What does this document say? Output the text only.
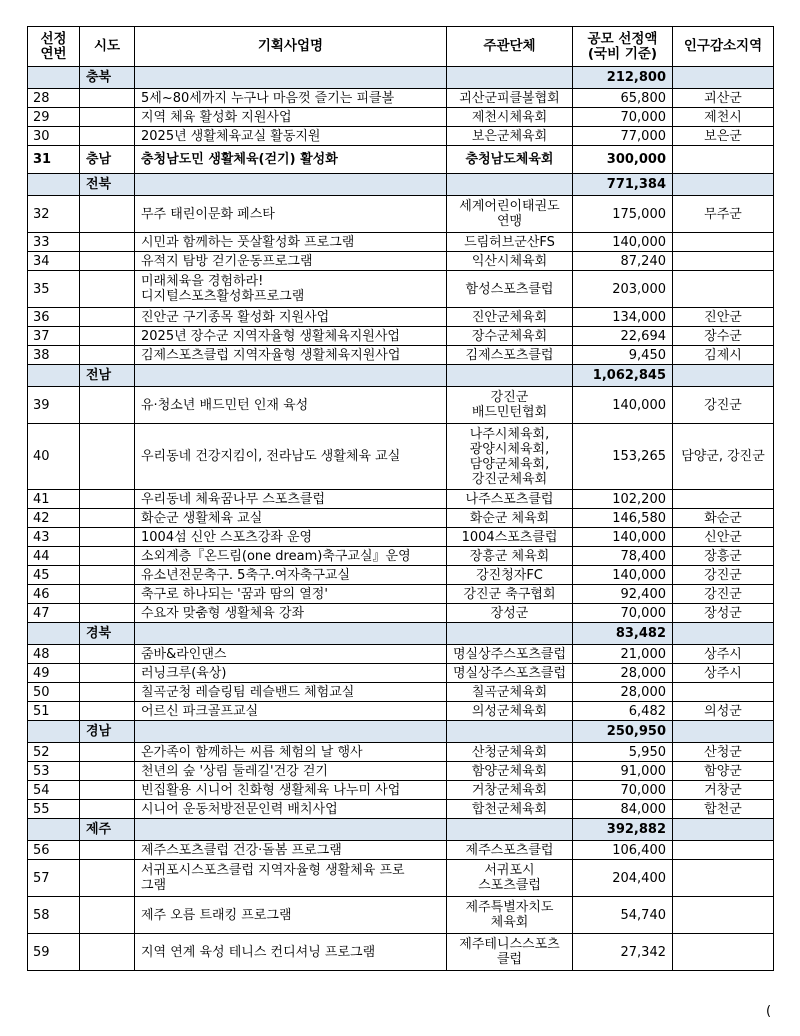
선정
연번	시도	기획사업명	주관단체	공모 선정액
(국비 기준)	인구감소지역
	충북			212,800	
28		5세~80세까지 누구나 마음껏 즐기는 피클볼	괴산군피클볼협회	65,800	괴산군
29		지역 체육 활성화 지원사업	제천시체육회	70,000	제천시
30		2025년 생활체육교실 활동지원	보은군체육회	77,000	보은군
31	충남	충청남도민 생활체육(걷기) 활성화	충청남도체육회	300,000	
	전북			771,384	
32		무주 태린이문화 페스타	세계어린이태권도
연맹	175,000	무주군
33		시민과 함께하는 풋살활성화 프로그램	드림허브군산FS	140,000	
34		유적지 탐방 걷기운동프로그램	익산시체육회	87,240	
35		미래체육을 경험하라!
디지털스포츠활성화프로그램	함성스포츠클럽	203,000	
36		진안군 구기종목 활성화 지원사업	진안군체육회	134,000	진안군
37		2025년 장수군 지역자율형 생활체육지원사업	장수군체육회	22,694	장수군
38		김제스포츠클럽 지역자율형 생활체육지원사업	김제스포츠클럽	9,450	김제시
	전남			1,062,845	
39		유·청소년 배드민턴 인재 육성	강진군
배드민턴협회	140,000	강진군
40		우리동네 건강지킴이, 전라남도 생활체육 교실	나주시체육회,
광양시체육회,
담양군체육회,
강진군체육회	153,265	담양군, 강진군
41		우리동네 체육꿈나무 스포츠클럽	나주스포츠클럽	102,200	
42		화순군 생활체육 교실	화순군 체육회	146,580	화순군
43		1004섬 신안 스포츠강좌 운영	1004스포츠클럽	140,000	신안군
44		소외계층『온드림(one dream)축구교실』운영	장흥군 체육회	78,400	장흥군
45		유소년전문축구. 5축구.여자축구교실	강진청자FC	140,000	강진군
46		축구로 하나되는 '꿈과 땀의 열정'	강진군 축구협회	92,400	강진군
47		수요자 맞춤형 생활체육 강좌	장성군	70,000	장성군
	경북			83,482	
48		줌바&라인댄스	명실상주스포츠클럽	21,000	상주시
49		러닝크루(육상)	명실상주스포츠클럽	28,000	상주시
50		칠곡군청 레슬링팀 레슬밴드 체험교실	칠곡군체육회	28,000	
51		어르신 파크골프교실	의성군체육회	6,482	의성군
	경남			250,950	
52		온가족이 함께하는 씨름 체험의 날 행사	산청군체육회	5,950	산청군
53		천년의 숲 '상림 둘레길'건강 걷기	함양군체육회	91,000	함양군
54		빈집활용 시니어 친화형 생활체육 나누미 사업	거창군체육회	70,000	거창군
55		시니어 운동처방전문인력 배치사업	합천군체육회	84,000	합천군
	제주			392,882	
56		제주스포츠클럽 건강·돌봄 프로그램	제주스포츠클럽	106,400	
57		서귀포시스포츠클럽 지역자율형 생활체육 프로
그램	서귀포시
스포츠클럽	204,400	
58		제주 오름 트래킹 프로그램	제주특별자치도
체육회	54,740	
59		지역 연계 육성 테니스 컨디셔닝 프로그램	제주테니스스포츠
클럽	27,342	
(
